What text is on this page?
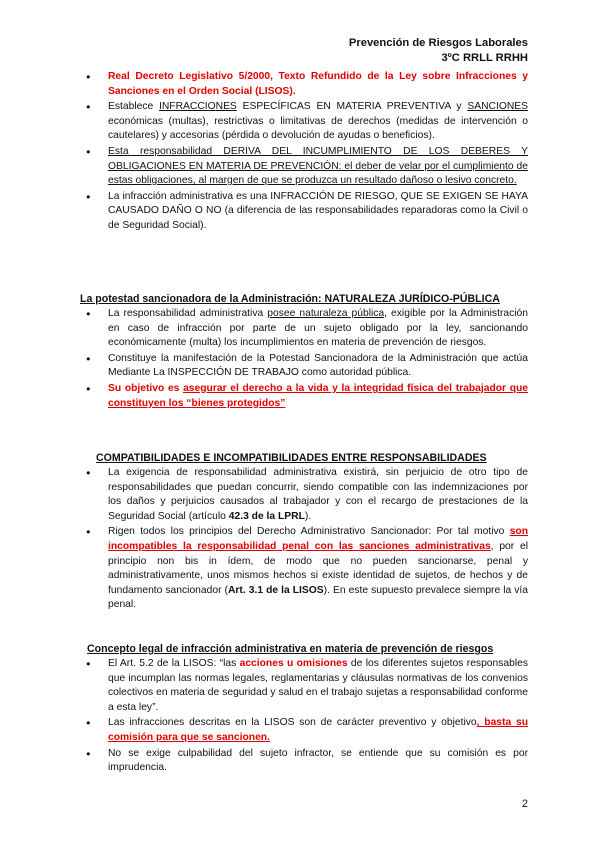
Prevención de Riesgos Laborales
3ºC RRLL RRHH
● Real Decreto Legislativo 5/2000, Texto Refundido de la Ley sobre Infracciones y Sanciones en el Orden Social (LISOS).
● Establece INFRACCIONES ESPECÍFICAS EN MATERIA PREVENTIVA y SANCIONES económicas (multas), restrictivas o limitativas de derechos (medidas de intervención o cautelares) y accesorias (pérdida o devolución de ayudas o beneficios).
● Esta responsabilidad DERIVA DEL INCUMPLIMIENTO DE LOS DEBERES Y OBLIGACIONES EN MATERIA DE PREVENCIÓN: el deber de velar por el cumplimiento de estas obligaciones, al margen de que se produzca un resultado dañoso o lesivo concreto.
● La infracción administrativa es una INFRACCIÓN DE RIESGO, QUE SE EXIGEN SE HAYA CAUSADO DAÑO O NO (a diferencia de las responsabilidades reparadoras como la Civil o de Seguridad Social).
La potestad sancionadora de la Administración: NATURALEZA JURÍDICO-PÚBLICA
● La responsabilidad administrativa posee naturaleza pública, exigible por la Administración en caso de infracción por parte de un sujeto obligado por la ley, sancionando económicamente (multa) los incumplimientos en materia de prevención de riesgos.
● Constituye la manifestación de la Potestad Sancionadora de la Administración que actúa Mediante La INSPECCIÓN DE TRABAJO como autoridad pública.
● Su objetivo es asegurar el derecho a la vida y la integridad física del trabajador que constituyen los “bienes protegidos”
COMPATIBILIDADES E INCOMPATIBILIDADES ENTRE RESPONSABILIDADES
● La exigencia de responsabilidad administrativa existirá, sin perjuicio de otro tipo de responsabilidades que puedan concurrir, siendo compatible con las indemnizaciones por los daños y perjuicios causados al trabajador y con el recargo de prestaciones de la Seguridad Social (artículo 42.3 de la LPRL).
● Rigen todos los principios del Derecho Administrativo Sancionador: Por tal motivo son incompatibles la responsabilidad penal con las sanciones administrativas, por el principio non bis in ídem, de modo que no pueden sancionarse, penal y administrativamente, unos mismos hechos si existe identidad de sujetos, de hechos y de fundamento sancionador (Art. 3.1 de la LISOS). En este supuesto prevalece siempre la vía penal.
Concepto legal de infracción administrativa en materia de prevención de riesgos
● El Art. 5.2 de la LISOS: “las acciones u omisiones de los diferentes sujetos responsables que incumplan las normas legales, reglamentarias y cláusulas normativas de los convenios colectivos en materia de seguridad y salud en el trabajo sujetas a responsabilidad conforme a esta ley”.
● Las infracciones descritas en la LISOS son de carácter preventivo y objetivo, basta su comisión para que se sancionen.
● No se exige culpabilidad del sujeto infractor, se entiende que su comisión es por imprudencia.
2
